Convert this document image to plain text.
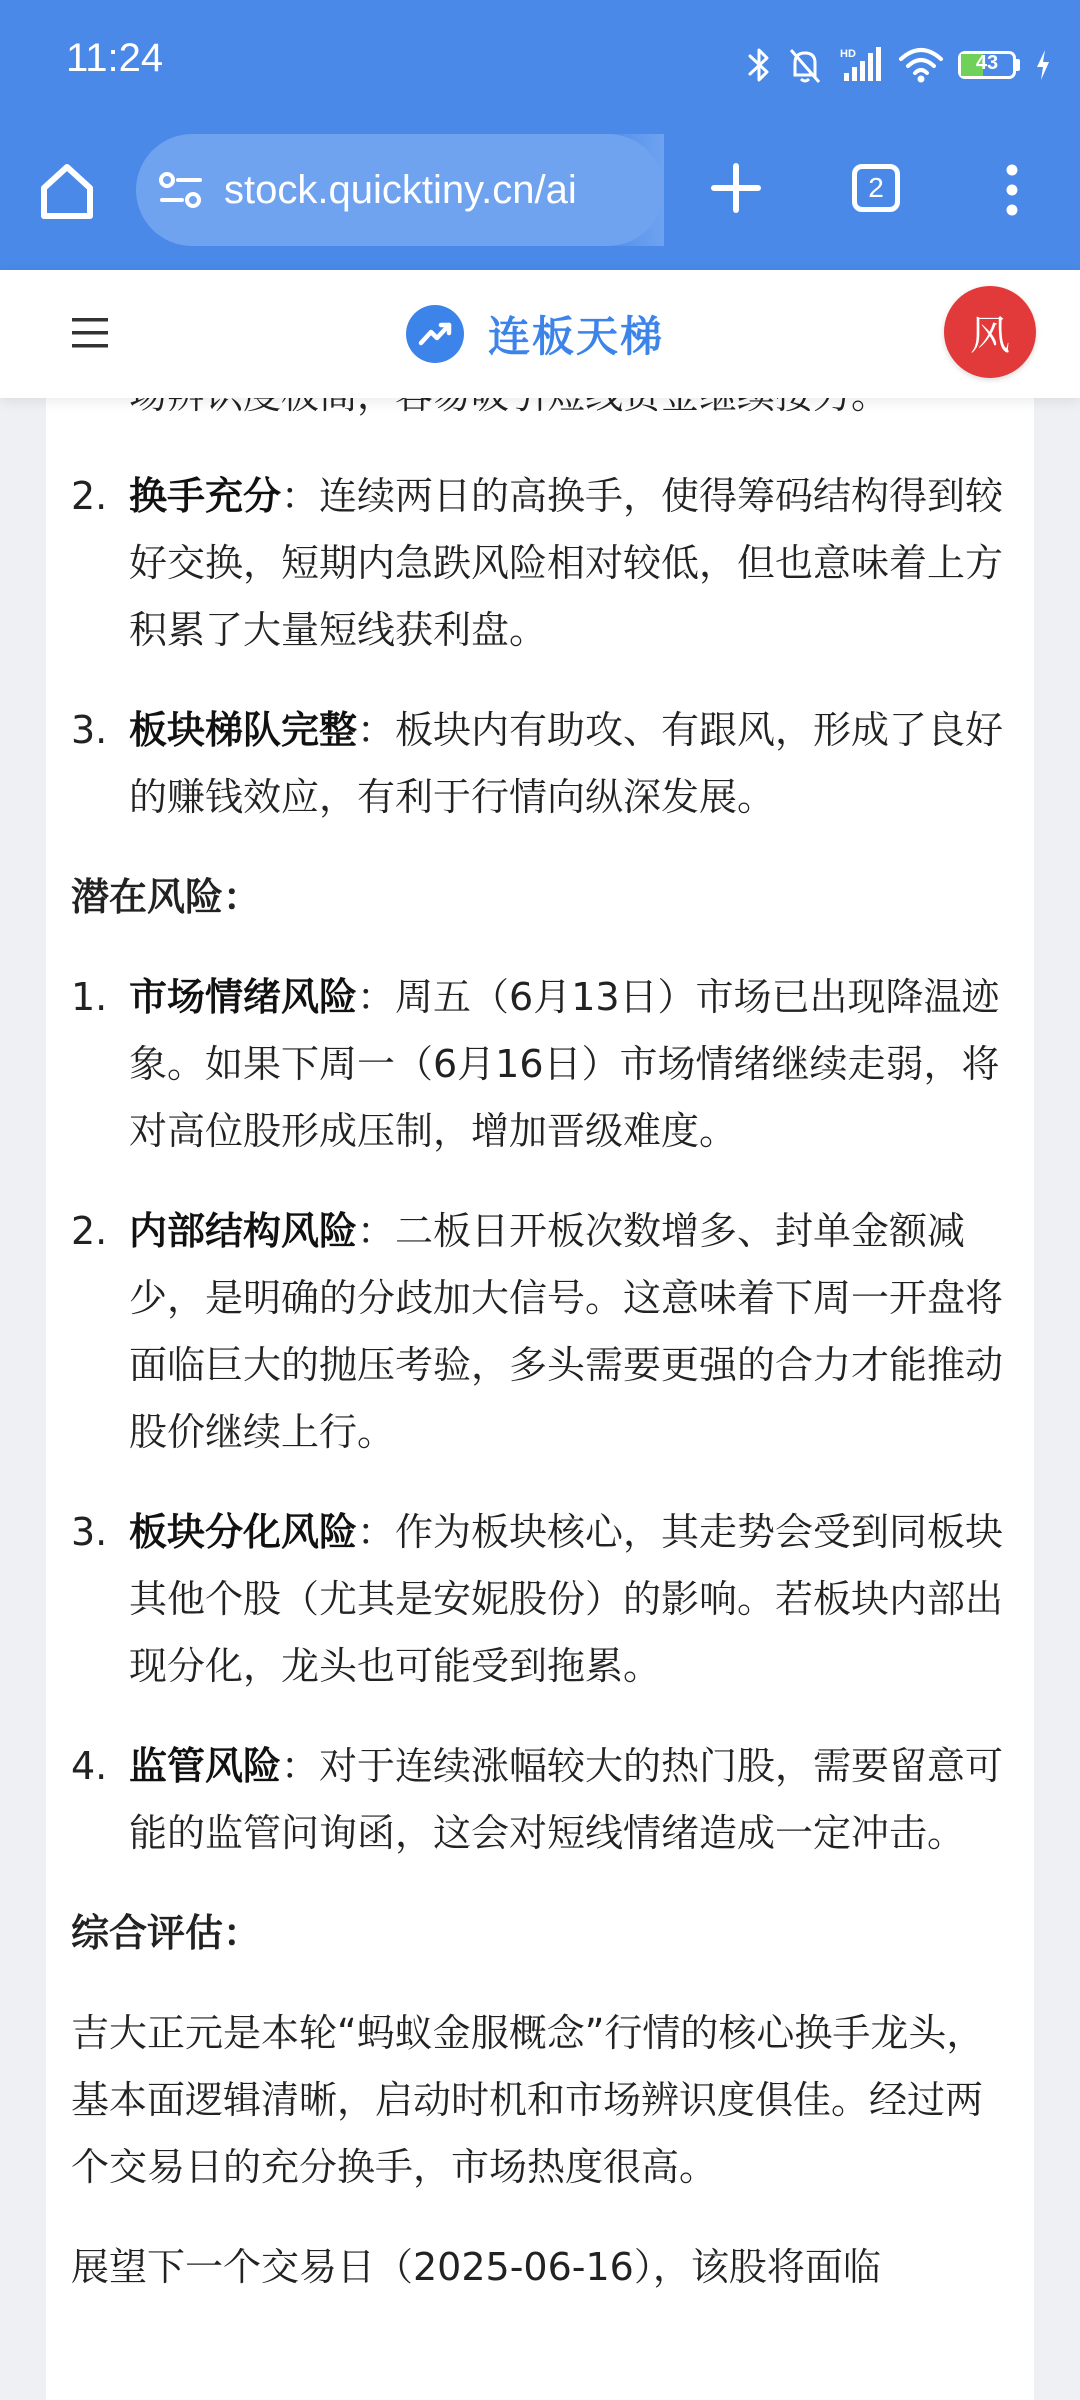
11:24	HD	43
stock.quicktiny.cn/ai	2
连板天梯	风

2. 换手充分：连续两日的高换手，使得筹码结构得到较好交换，短期内急跌风险相对较低，但也意味着上方积累了大量短线获利盘。
3. 板块梯队完整：板块内有助攻、有跟风，形成了良好的赚钱效应，有利于行情向纵深发展。

潜在风险：

1. 市场情绪风险：周五（6月13日）市场已出现降温迹象。如果下周一（6月16日）市场情绪继续走弱，将对高位股形成压制，增加晋级难度。
2. 内部结构风险：二板日开板次数增多、封单金额减少，是明确的分歧加大信号。这意味着下周一开盘将面临巨大的抛压考验，多头需要更强的合力才能推动股价继续上行。
3. 板块分化风险：作为板块核心，其走势会受到同板块其他个股（尤其是安妮股份）的影响。若板块内部出现分化，龙头也可能受到拖累。
4. 监管风险：对于连续涨幅较大的热门股，需要留意可能的监管问询函，这会对短线情绪造成一定冲击。

综合评估：

吉大正元是本轮“蚂蚁金服概念”行情的核心换手龙头，基本面逻辑清晰，启动时机和市场辨识度俱佳。经过两个交易日的充分换手，市场热度很高。

展望下一个交易日（2025-06-16），该股将面临
